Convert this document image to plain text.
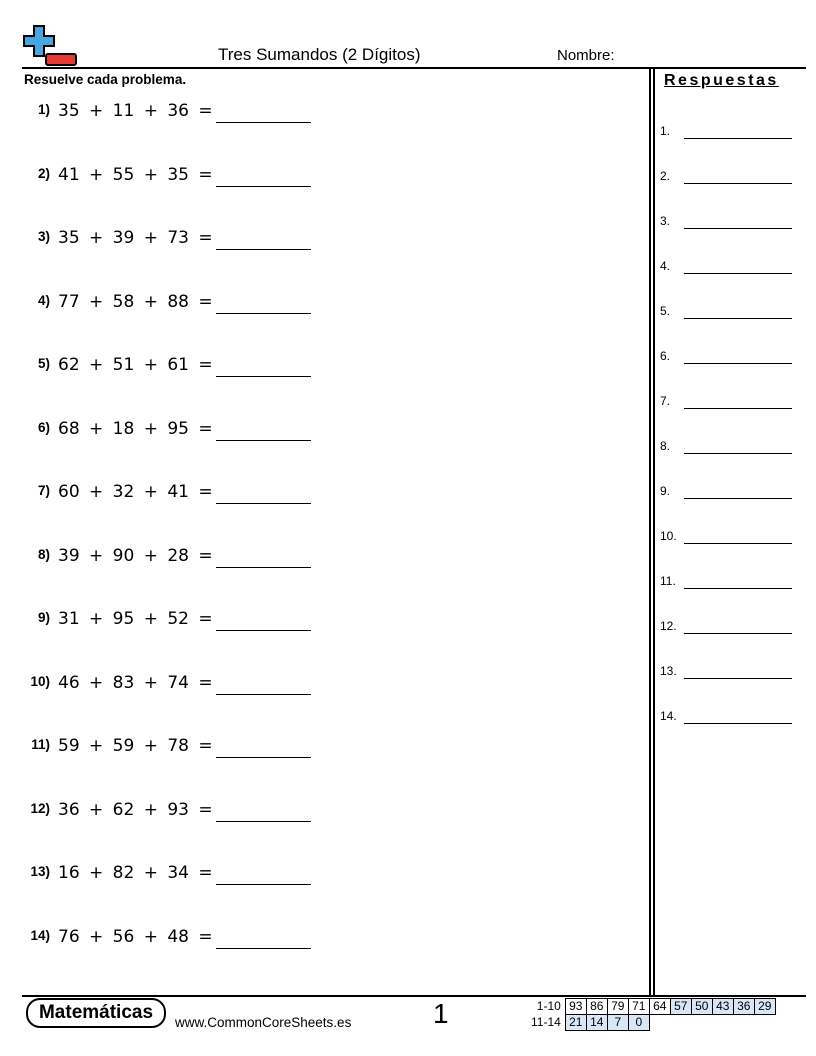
Tres Sumandos (2 Dígitos)	Nombre:
Resuelve cada problema.
1) 35 + 11 + 36 =
2) 41 + 55 + 35 =
3) 35 + 39 + 73 =
4) 77 + 58 + 88 =
5) 62 + 51 + 61 =
6) 68 + 18 + 95 =
7) 60 + 32 + 41 =
8) 39 + 90 + 28 =
9) 31 + 95 + 52 =
10) 46 + 83 + 74 =
11) 59 + 59 + 78 =
12) 36 + 62 + 93 =
13) 16 + 82 + 34 =
14) 76 + 56 + 48 =
Respuestas
1.
2.
3.
4.
5.
6.
7.
8.
9.
10.
11.
12.
13.
14.
Matemáticas	www.CommonCoreSheets.es	1	1-10	93	86	79	71	64	57	50	43	36	29
11-14	21	14	7	0						
